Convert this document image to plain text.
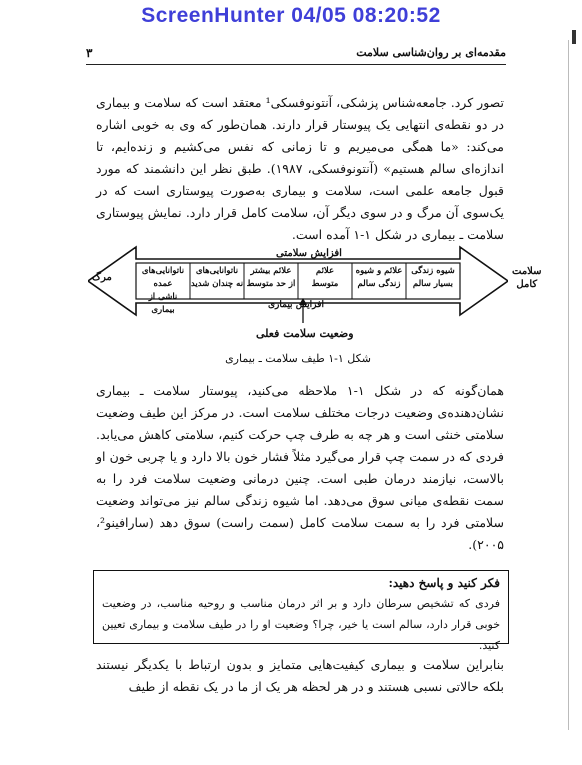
ScreenHunter 04/05 08:20:52
مقدمه‌ای بر روان‌شناسی سلامت
۳
تصور کرد. جامعه‌شناس پزشکی، آنتونوفسکی¹ معتقد است که سلامت و بیماری در دو نقطه‌ی انتهایی یک پیوستار قرار دارند. همان‌طور که وی به خوبی اشاره می‌کند: «ما همگی می‌میریم و تا زمانی که نفس می‌کشیم و زنده‌ایم، تا اندازه‌ای سالم هستیم» (آنتونوفسکی، ۱۹۸۷). طبق نظر این دانشمند که مورد قبول جامعه علمی است، سلامت و بیماری به‌صورت پیوستاری است که در یک‌سوی آن مرگ و در سوی دیگر آن، سلامت کامل قرار دارد. نمایش پیوستاری سلامت ـ بیماری در شکل ۱-۱ آمده است.
افزایش سلامتی
افزایش بیماری
وضعیت سلامت فعلی
مرگ
سلامت
کامل
شیوه زندگی
بسیار سالم
علائم و شیوه
زندگی سالم
علائم
متوسط
علائم بیشتر
از حد متوسط
ناتوانایی‌های
نه چندان شدید
ناتوانایی‌های عمده
ناشی از بیماری
شکل ۱-۱ طیف سلامت ـ بیماری
همان‌گونه که در شکل ۱-۱ ملاحظه می‌کنید، پیوستار سلامت ـ بیماری نشان‌دهنده‌ی وضعیت درجات مختلف سلامت است. در مرکز این طیف وضعیت سلامتی خنثی است و هر چه به طرف چپ حرکت کنیم، سلامتی کاهش می‌یابد. فردی که در سمت چپ قرار می‌گیرد مثلاً فشار خون بالا دارد و یا چربی خون او بالاست، نیازمند درمان طبی است. چنین درمانی وضعیت سلامت فرد را به سمت نقطه‌ی میانی سوق می‌دهد. اما شیوه زندگی سالم نیز می‌تواند وضعیت سلامتی فرد را به سمت سلامت کامل (سمت راست) سوق دهد (سارافینو²، ۲۰۰۵).
فکر کنید و پاسخ دهید:
فردی که تشخیص سرطان دارد و بر اثر درمان مناسب و روحیه مناسب، در وضعیت خوبی قرار دارد، سالم است یا خیر، چرا؟ وضعیت او را در طیف سلامت و بیماری تعیین کنید.
بنابراین سلامت و بیماری کیفیت‌هایی متمایز و بدون ارتباط با یکدیگر نیستند بلکه حالاتی نسبی هستند و در هر لحظه هر یک از ما در یک نقطه از طیف
